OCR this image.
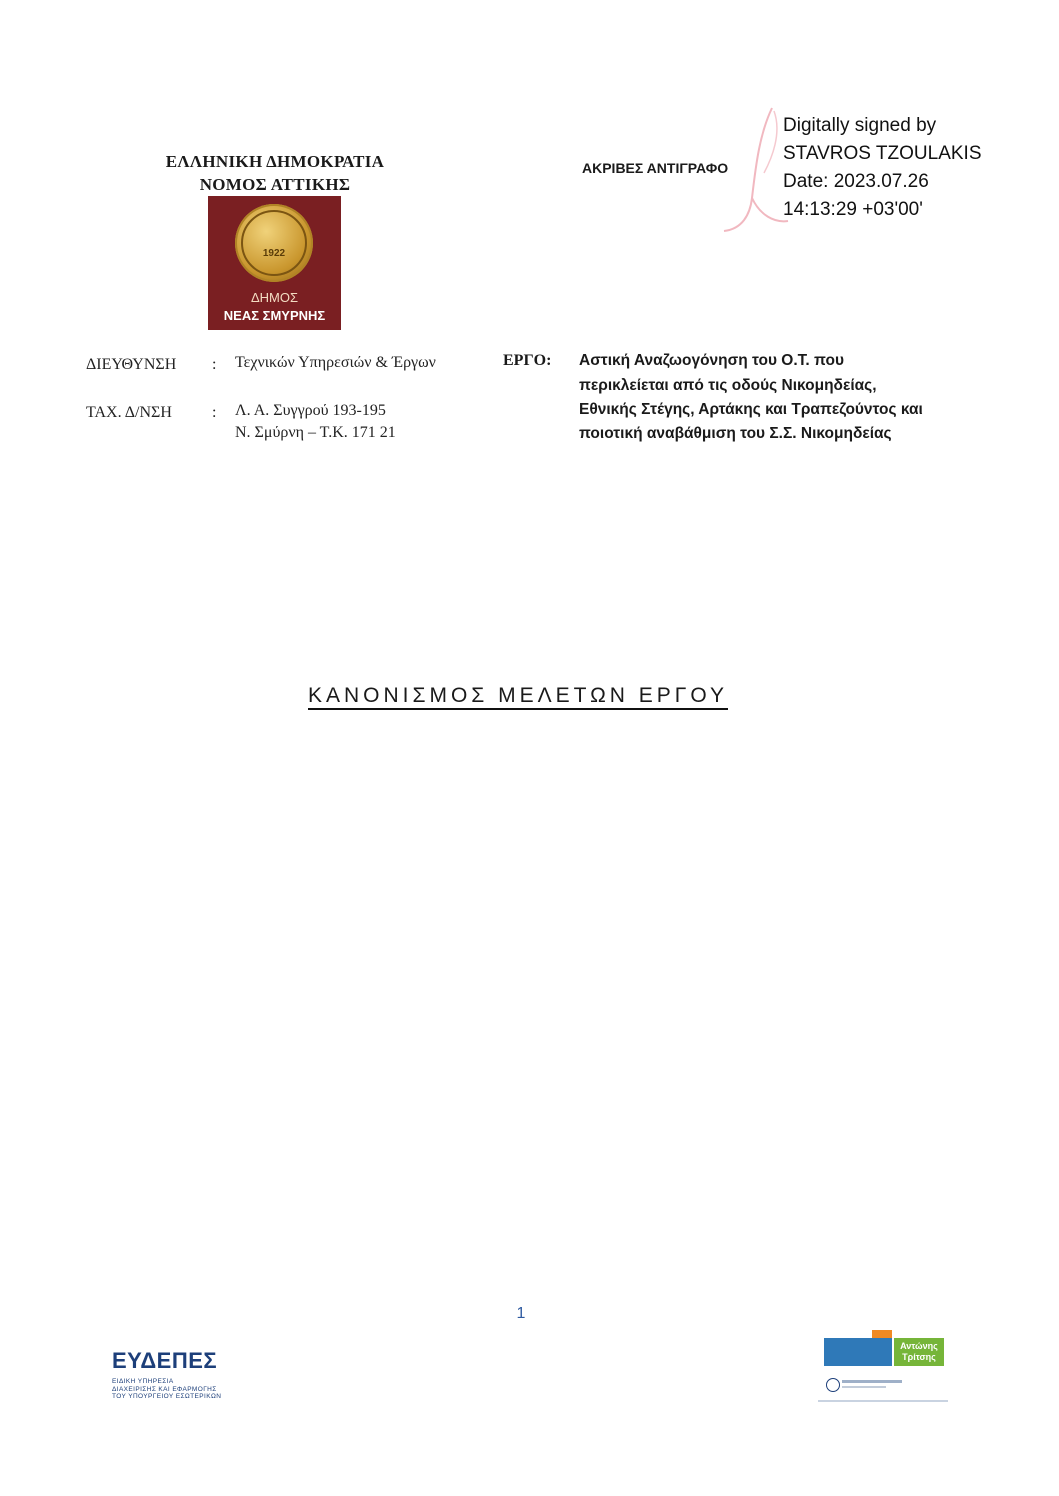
ΕΛΛΗΝΙΚΗ ΔΗΜΟΚΡΑΤΙΑ
ΝΟΜΟΣ ΑΤΤΙΚΗΣ
1922
ΔΗΜΟΣ
ΝΕΑΣ ΣΜΥΡΝΗΣ
ΑΚΡΙΒΕΣ ΑΝΤΙΓΡΑΦΟ
Digitally signed by
STAVROS TZOULAKIS
Date: 2023.07.26
14:13:29 +03'00'
ΔΙΕΥΘΥΝΣΗ : Τεχνικών Υπηρεσιών & Έργων
ΤΑΧ. Δ/ΝΣΗ	: Λ. Α. Συγγρού 193-195
Ν. Σμύρνη – Τ.Κ. 171 21
ΕΡΓΟ: Αστική Αναζωογόνηση του Ο.Τ. που
περικλείεται από τις οδούς Νικομηδείας,
Εθνικής Στέγης, Αρτάκης και Τραπεζούντος και
ποιοτική αναβάθμιση του Σ.Σ. Νικομηδείας
ΚΑΝΟΝΙΣΜΟΣ ΜΕΛΕΤΩΝ ΕΡΓΟΥ
1
ΕΥΔΕΠΕΣ
ΕΙΔΙΚΗ ΥΠΗΡΕΣΙΑ
ΔΙΑΧΕΙΡΙΣΗΣ ΚΑΙ ΕΦΑΡΜΟΓΗΣ
ΤΟΥ ΥΠΟΥΡΓΕΙΟΥ ΕΣΩΤΕΡΙΚΩΝ
Αντώνης Τρίτσης
